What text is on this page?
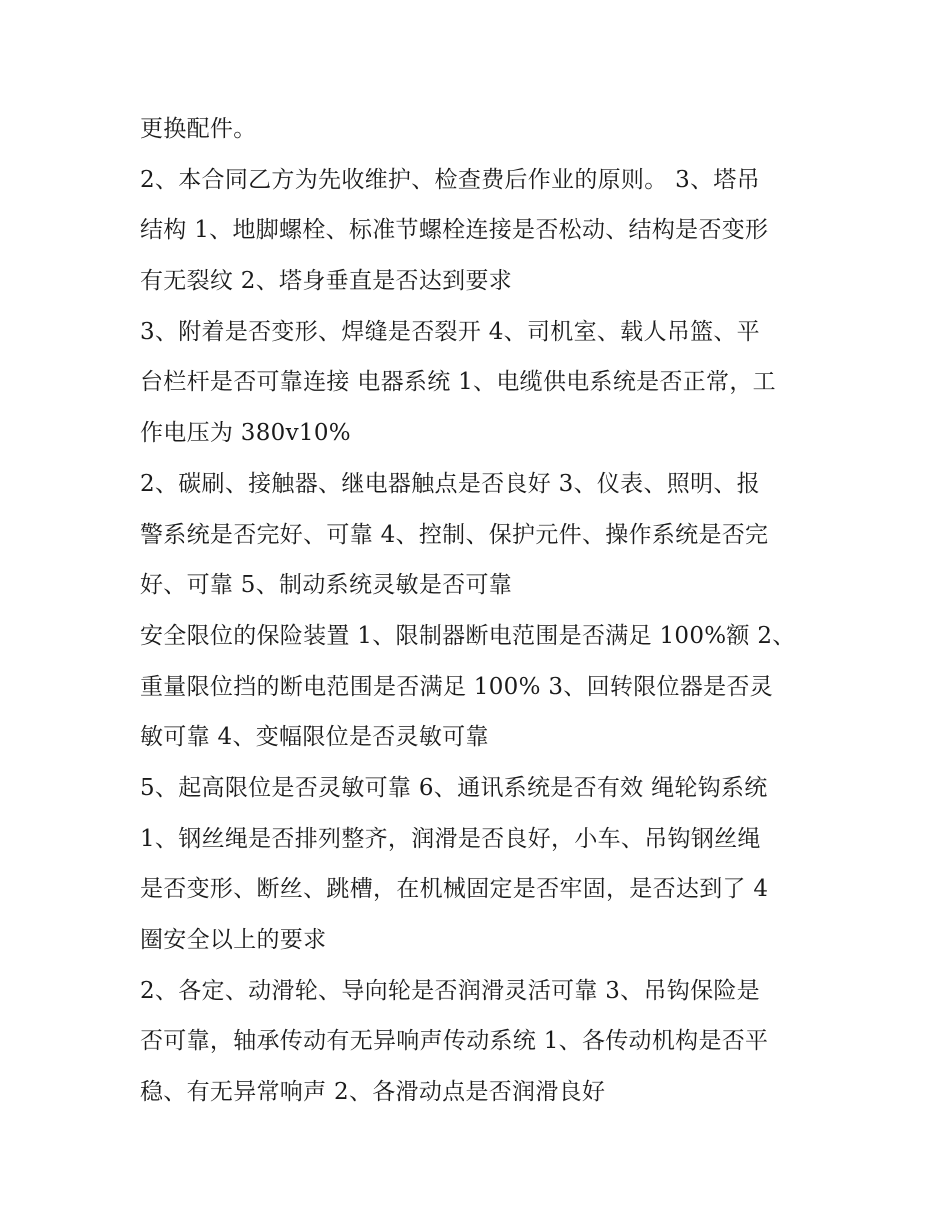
更换配件。
2、本合同乙方为先收维护、检查费后作业的原则。 3、塔吊
结构 1、地脚螺栓、标准节螺栓连接是否松动、结构是否变形
有无裂纹 2、塔身垂直是否达到要求
3、附着是否变形、焊缝是否裂开 4、司机室、载人吊篮、平
台栏杆是否可靠连接 电器系统 1、电缆供电系统是否正常，工
作电压为 380v10%
2、碳刷、接触器、继电器触点是否良好 3、仪表、照明、报
警系统是否完好、可靠 4、控制、保护元件、操作系统是否完
好、可靠 5、制动系统灵敏是否可靠
安全限位的保险装置 1、限制器断电范围是否满足 100%额 2、
重量限位挡的断电范围是否满足 100% 3、回转限位器是否灵
敏可靠 4、变幅限位是否灵敏可靠
5、起高限位是否灵敏可靠 6、通讯系统是否有效 绳轮钩系统
1、钢丝绳是否排列整齐，润滑是否良好，小车、吊钩钢丝绳
是否变形、断丝、跳槽，在机械固定是否牢固，是否达到了 4
圈安全以上的要求
2、各定、动滑轮、导向轮是否润滑灵活可靠 3、吊钩保险是
否可靠，轴承传动有无异响声传动系统 1、各传动机构是否平
稳、有无异常响声 2、各滑动点是否润滑良好
